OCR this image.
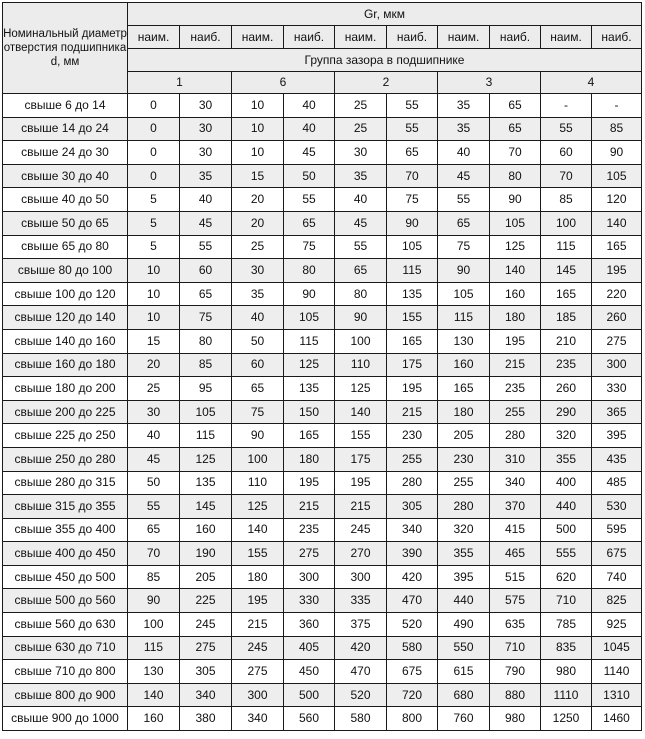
Номинальный диаметр отверстия подшипника d, мм	Gr, мкм									
	наим.	наиб.	наим.	наиб.	наим.	наиб.	наим.	наиб.	наим.	наиб.
	Группа зазора в подшипнике									
	1		6		2		3		4	
свыше 6 до 14	0	30	10	40	25	55	35	65	-	-
свыше 14 до 24	0	30	10	40	25	55	35	65	55	85
свыше 24 до 30	0	30	10	45	30	65	40	70	60	90
свыше 30 до 40	0	35	15	50	35	70	45	80	70	105
свыше 40 до 50	5	40	20	55	40	75	55	90	85	120
свыше 50 до 65	5	45	20	65	45	90	65	105	100	140
свыше 65 до 80	5	55	25	75	55	105	75	125	115	165
свыше 80 до 100	10	60	30	80	65	115	90	140	145	195
свыше 100 до 120	10	65	35	90	80	135	105	160	165	220
свыше 120 до 140	10	75	40	105	90	155	115	180	185	260
свыше 140 до 160	15	80	50	115	100	165	130	195	210	275
свыше 160 до 180	20	85	60	125	110	175	160	215	235	300
свыше 180 до 200	25	95	65	135	125	195	165	235	260	330
свыше 200 до 225	30	105	75	150	140	215	180	255	290	365
свыше 225 до 250	40	115	90	165	155	230	205	280	320	395
свыше 250 до 280	45	125	100	180	175	255	230	310	355	435
свыше 280 до 315	50	135	110	195	195	280	255	340	400	485
свыше 315 до 355	55	145	125	215	215	305	280	370	440	530
свыше 355 до 400	65	160	140	235	245	340	320	415	500	595
свыше 400 до 450	70	190	155	275	270	390	355	465	555	675
свыше 450 до 500	85	205	180	300	300	420	395	515	620	740
свыше 500 до 560	90	225	195	330	335	470	440	575	710	825
свыше 560 до 630	100	245	215	360	375	520	490	635	785	925
свыше 630 до 710	115	275	245	405	420	580	550	710	835	1045
свыше 710 до 800	130	305	275	450	470	675	615	790	980	1140
свыше 800 до 900	140	340	300	500	520	720	680	880	1110	1310
свыше 900 до 1000	160	380	340	560	580	800	760	980	1250	1460
